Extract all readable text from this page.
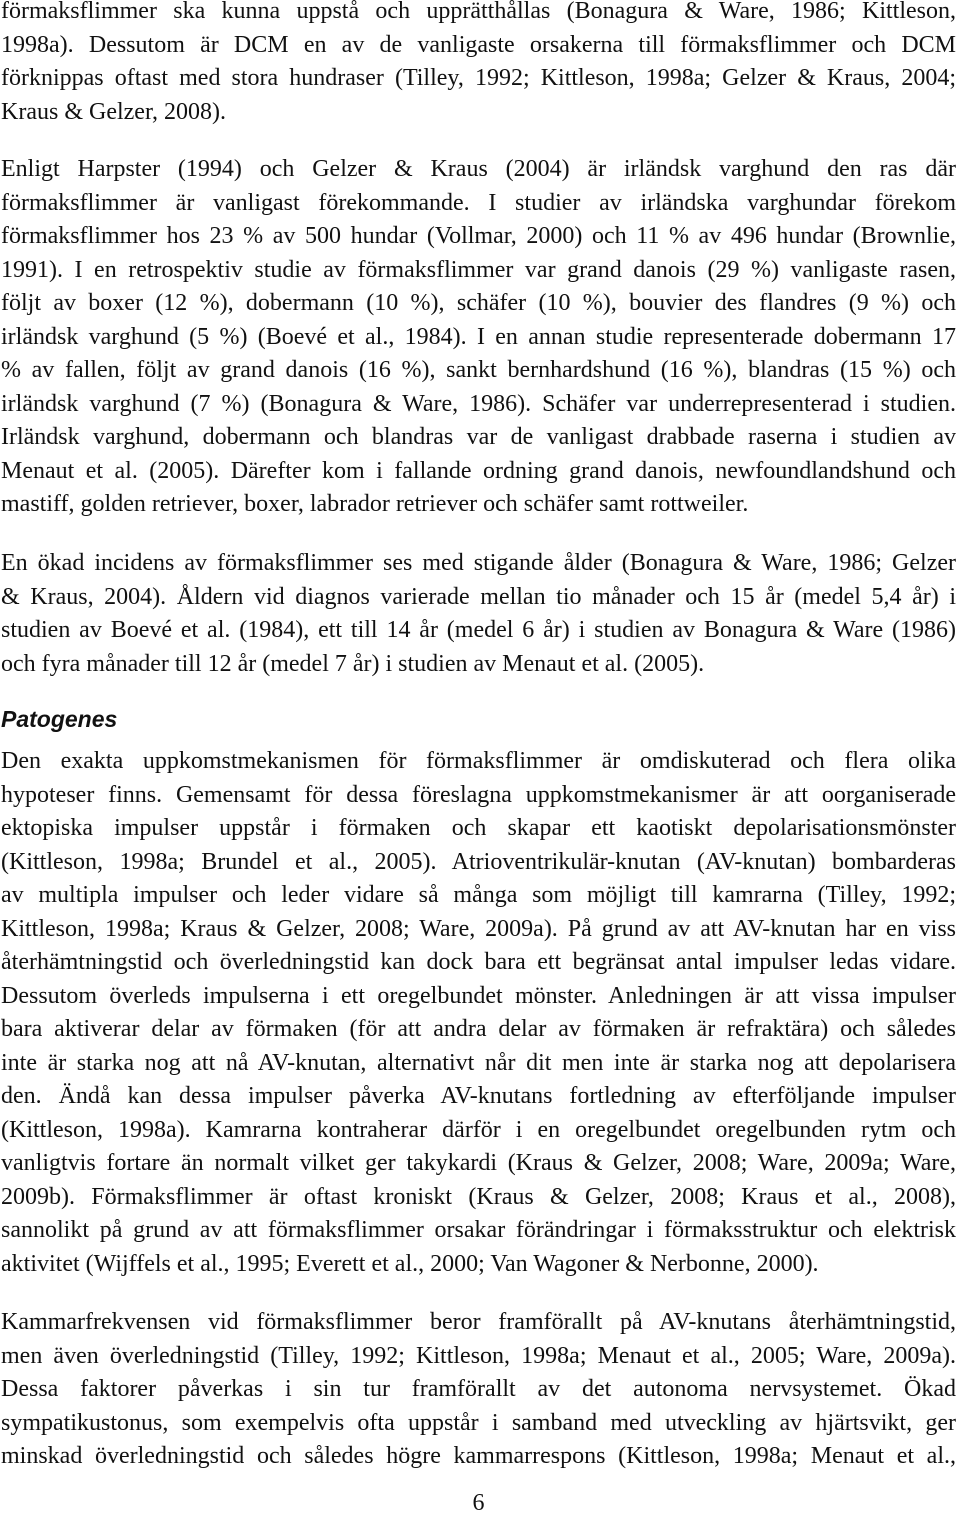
förmaksflimmer ska kunna uppstå och upprätthållas (Bonagura & Ware, 1986; Kittleson,
1998a). Dessutom är DCM en av de vanligaste orsakerna till förmaksflimmer och DCM
förknippas oftast med stora hundraser (Tilley, 1992; Kittleson, 1998a; Gelzer & Kraus, 2004;
Kraus & Gelzer, 2008).
Enligt Harpster (1994) och Gelzer & Kraus (2004) är irländsk varghund den ras där
förmaksflimmer är vanligast förekommande. I studier av irländska varghundar förekom
förmaksflimmer hos 23 % av 500 hundar (Vollmar, 2000) och 11 % av 496 hundar (Brownlie,
1991). I en retrospektiv studie av förmaksflimmer var grand danois (29 %) vanligaste rasen,
följt av boxer (12 %), dobermann (10 %), schäfer (10 %), bouvier des flandres (9 %) och
irländsk varghund (5 %) (Boevé et al., 1984). I en annan studie representerade dobermann 17
% av fallen, följt av grand danois (16 %), sankt bernhardshund (16 %), blandras (15 %) och
irländsk varghund (7 %) (Bonagura & Ware, 1986). Schäfer var underrepresenterad i studien.
Irländsk varghund, dobermann och blandras var de vanligast drabbade raserna i studien av
Menaut et al. (2005). Därefter kom i fallande ordning grand danois, newfoundlandshund och
mastiff, golden retriever, boxer, labrador retriever och schäfer samt rottweiler.
En ökad incidens av förmaksflimmer ses med stigande ålder (Bonagura & Ware, 1986; Gelzer
& Kraus, 2004). Åldern vid diagnos varierade mellan tio månader och 15 år (medel 5,4 år) i
studien av Boevé et al. (1984), ett till 14 år (medel 6 år) i studien av Bonagura & Ware (1986)
och fyra månader till 12 år (medel 7 år) i studien av Menaut et al. (2005).
Patogenes
Den exakta uppkomstmekanismen för förmaksflimmer är omdiskuterad och flera olika
hypoteser finns. Gemensamt för dessa föreslagna uppkomstmekanismer är att oorganiserade
ektopiska impulser uppstår i förmaken och skapar ett kaotiskt depolarisationsmönster
(Kittleson, 1998a; Brundel et al., 2005). Atrioventrikulär-knutan (AV-knutan) bombarderas
av multipla impulser och leder vidare så många som möjligt till kamrarna (Tilley, 1992;
Kittleson, 1998a; Kraus & Gelzer, 2008; Ware, 2009a). På grund av att AV-knutan har en viss
återhämtningstid och överledningstid kan dock bara ett begränsat antal impulser ledas vidare.
Dessutom överleds impulserna i ett oregelbundet mönster. Anledningen är att vissa impulser
bara aktiverar delar av förmaken (för att andra delar av förmaken är refraktära) och således
inte är starka nog att nå AV-knutan, alternativt når dit men inte är starka nog att depolarisera
den. Ändå kan dessa impulser påverka AV-knutans fortledning av efterföljande impulser
(Kittleson, 1998a). Kamrarna kontraherar därför i en oregelbundet oregelbunden rytm och
vanligtvis fortare än normalt vilket ger takykardi (Kraus & Gelzer, 2008; Ware, 2009a; Ware,
2009b). Förmaksflimmer är oftast kroniskt (Kraus & Gelzer, 2008; Kraus et al., 2008),
sannolikt på grund av att förmaksflimmer orsakar förändringar i förmaksstruktur och elektrisk
aktivitet (Wijffels et al., 1995; Everett et al., 2000; Van Wagoner & Nerbonne, 2000).
Kammarfrekvensen vid förmaksflimmer beror framförallt på AV-knutans återhämtningstid,
men även överledningstid (Tilley, 1992; Kittleson, 1998a; Menaut et al., 2005; Ware, 2009a).
Dessa faktorer påverkas i sin tur framförallt av det autonoma nervsystemet. Ökad
sympatikustonus, som exempelvis ofta uppstår i samband med utveckling av hjärtsvikt, ger
minskad överledningstid och således högre kammarrespons (Kittleson, 1998a; Menaut et al.,
6
